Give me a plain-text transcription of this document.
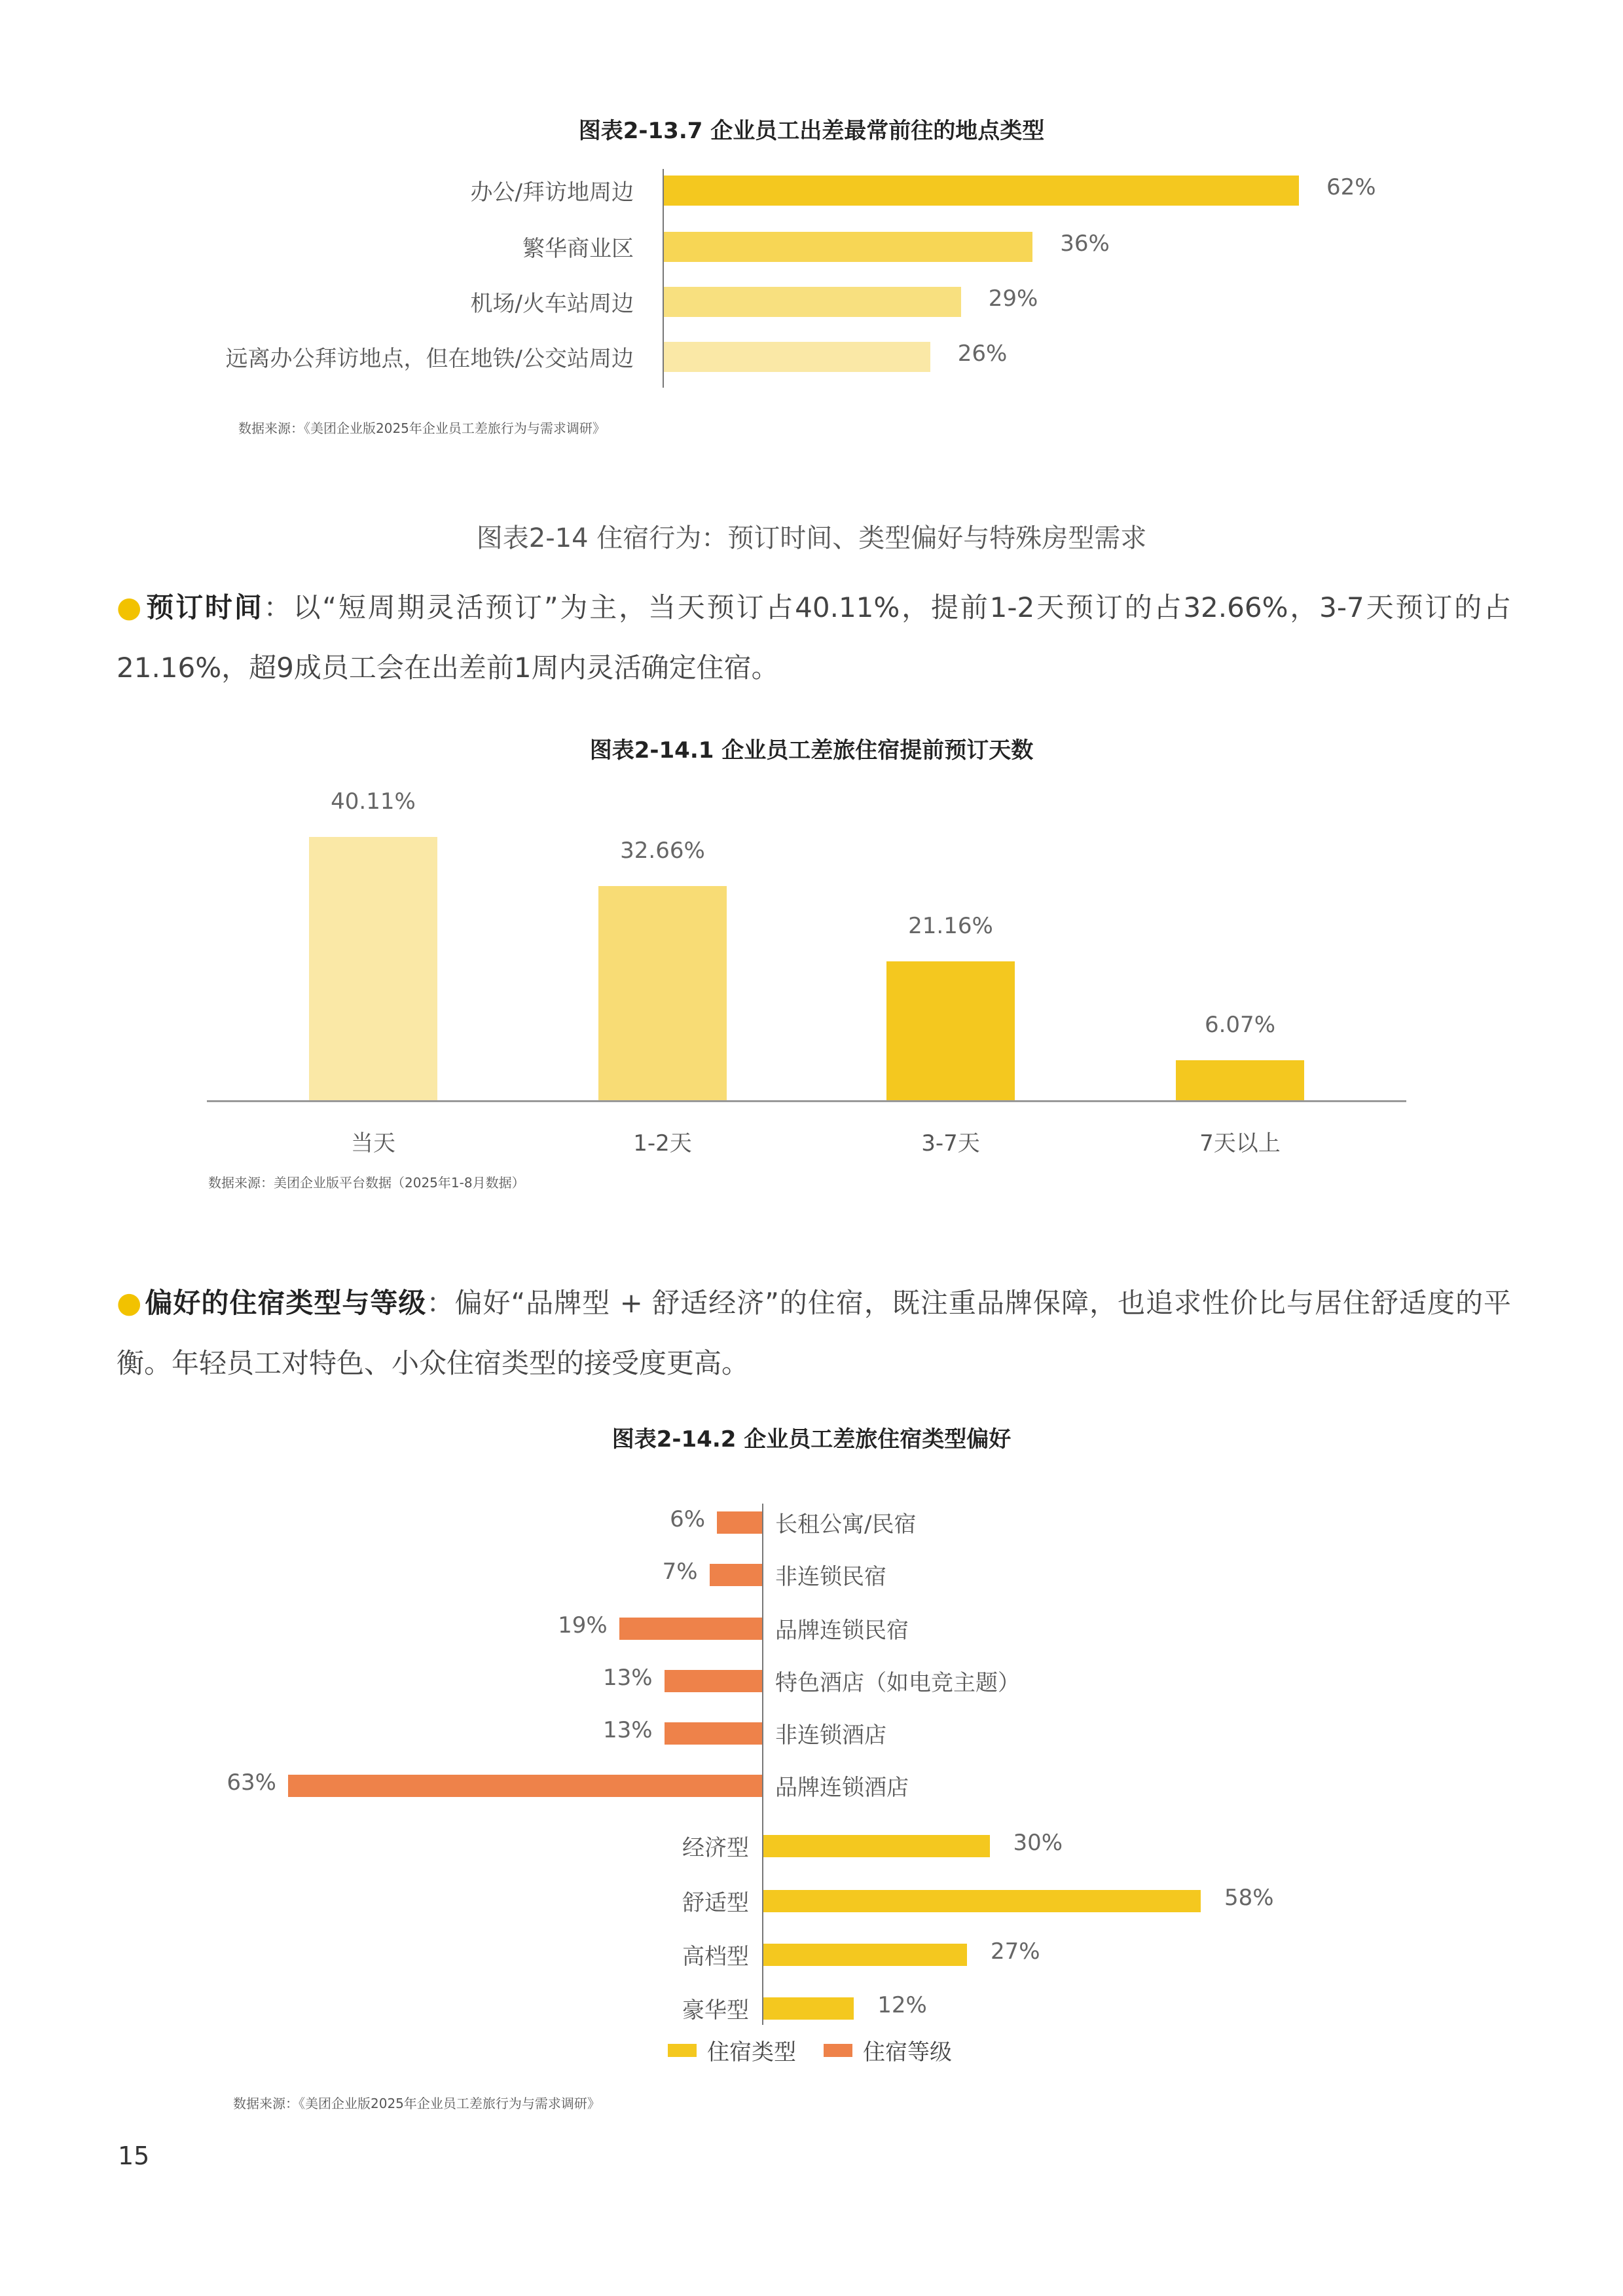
图表2-13.7 企业员工出差最常前往的地点类型
办公/拜访地周边	62%
繁华商业区	36%
机场/火车站周边	29%
远离办公拜访地点，但在地铁/公交站周边	26%
数据来源：《美团企业版2025年企业员工差旅行为与需求调研》
图表2-14 住宿行为：预订时间、类型偏好与特殊房型需求
●预订时间：以“短周期灵活预订”为主，当天预订占40.11%，提前1-2天预订的占32.66%，3-7天预订的占21.16%，超9成员工会在出差前1周内灵活确定住宿。
图表2-14.1 企业员工差旅住宿提前预订天数
40.11%
当天
32.66%
1-2天
21.16%
3-7天
6.07%
7天以上
数据来源：美团企业版平台数据（2025年1-8月数据）
●偏好的住宿类型与等级：偏好“品牌型 + 舒适经济”的住宿，既注重品牌保障，也追求性价比与居住舒适度的平衡。年轻员工对特色、小众住宿类型的接受度更高。
图表2-14.2 企业员工差旅住宿类型偏好
6%	长租公寓/民宿
7%	非连锁民宿
19%	品牌连锁民宿
13%	特色酒店（如电竞主题）
13%	非连锁酒店
63%	品牌连锁酒店
30%
经济型
58%
舒适型
27%
高档型
12%
豪华型
住宿类型	住宿等级
数据来源：《美团企业版2025年企业员工差旅行为与需求调研》
15
